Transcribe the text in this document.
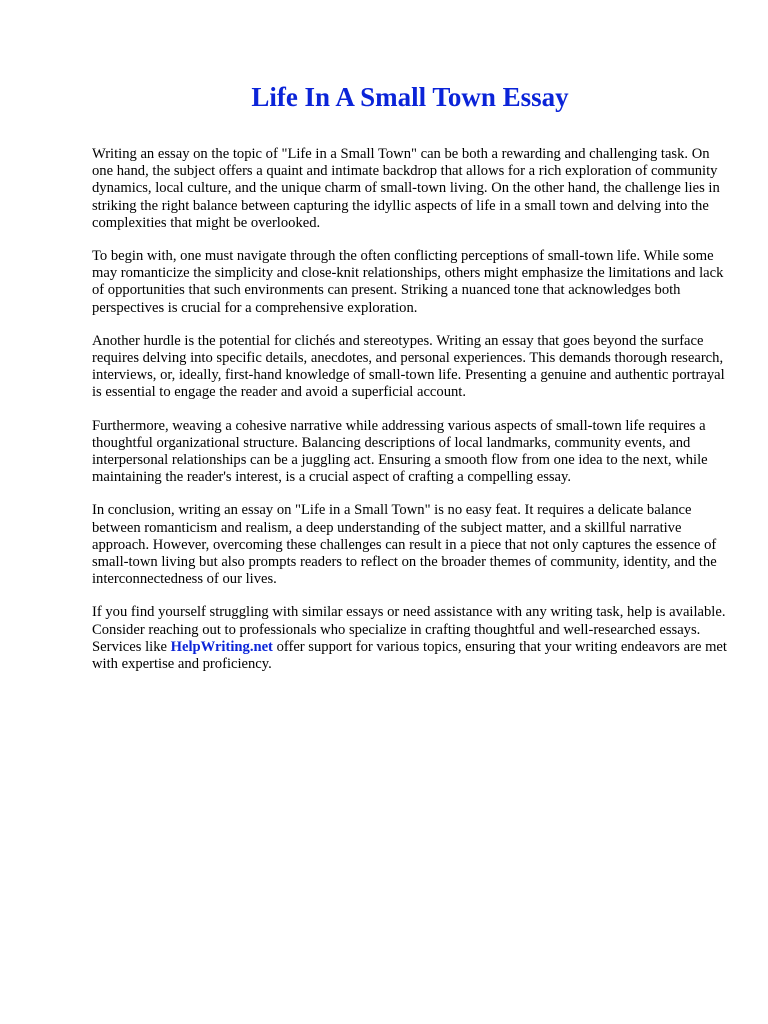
Life In A Small Town Essay

Writing an essay on the topic of "Life in a Small Town" can be both a rewarding and challenging task. On one hand, the subject offers a quaint and intimate backdrop that allows for a rich exploration of community dynamics, local culture, and the unique charm of small-town living. On the other hand, the challenge lies in striking the right balance between capturing the idyllic aspects of life in a small town and delving into the complexities that might be overlooked.

To begin with, one must navigate through the often conflicting perceptions of small-town life. While some may romanticize the simplicity and close-knit relationships, others might emphasize the limitations and lack of opportunities that such environments can present. Striking a nuanced tone that acknowledges both perspectives is crucial for a comprehensive exploration.

Another hurdle is the potential for clichés and stereotypes. Writing an essay that goes beyond the surface requires delving into specific details, anecdotes, and personal experiences. This demands thorough research, interviews, or, ideally, first-hand knowledge of small-town life. Presenting a genuine and authentic portrayal is essential to engage the reader and avoid a superficial account.

Furthermore, weaving a cohesive narrative while addressing various aspects of small-town life requires a thoughtful organizational structure. Balancing descriptions of local landmarks, community events, and interpersonal relationships can be a juggling act. Ensuring a smooth flow from one idea to the next, while maintaining the reader's interest, is a crucial aspect of crafting a compelling essay.

In conclusion, writing an essay on "Life in a Small Town" is no easy feat. It requires a delicate balance between romanticism and realism, a deep understanding of the subject matter, and a skillful narrative approach. However, overcoming these challenges can result in a piece that not only captures the essence of small-town living but also prompts readers to reflect on the broader themes of community, identity, and the interconnectedness of our lives.

If you find yourself struggling with similar essays or need assistance with any writing task, help is available. Consider reaching out to professionals who specialize in crafting thoughtful and well-researched essays. Services like HelpWriting.net offer support for various topics, ensuring that your writing endeavors are met with expertise and proficiency.
